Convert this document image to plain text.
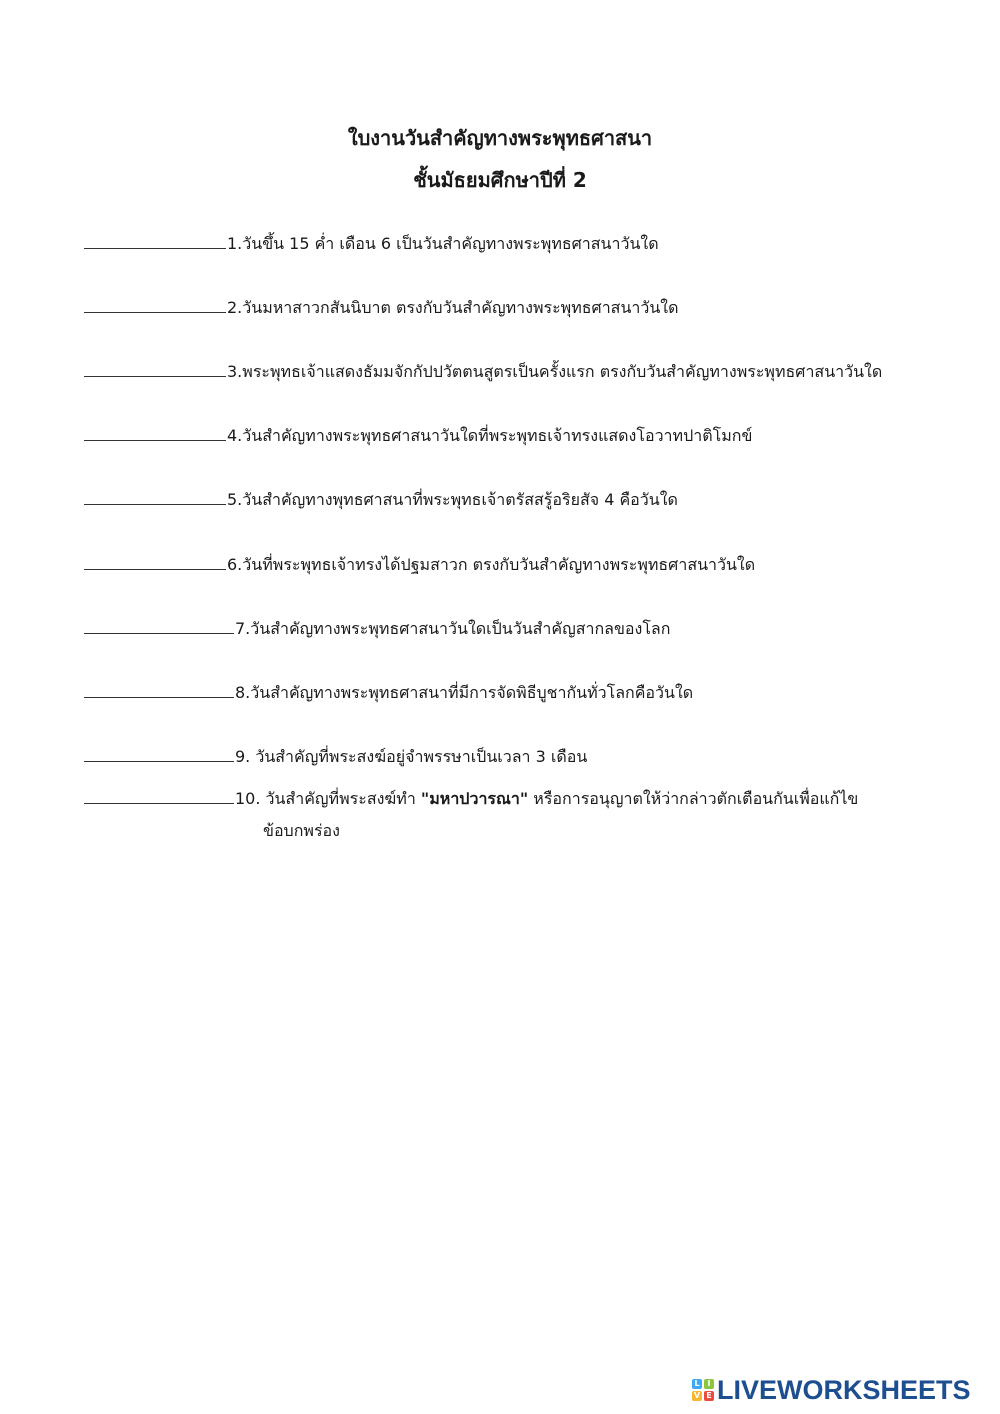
ใบงานวันสำคัญทางพระพุทธศาสนา
ชั้นมัธยมศึกษาปีที่ 2
1.วันขึ้น 15 ค่ำ เดือน 6 เป็นวันสำคัญทางพระพุทธศาสนาวันใด
2.วันมหาสาวกสันนิบาต ตรงกับวันสำคัญทางพระพุทธศาสนาวันใด
3.พระพุทธเจ้าแสดงธัมมจักกัปปวัตตนสูตรเป็นครั้งแรก ตรงกับวันสำคัญทางพระพุทธศาสนาวันใด
4.วันสำคัญทางพระพุทธศาสนาวันใดที่พระพุทธเจ้าทรงแสดงโอวาทปาติโมกข์
5.วันสำคัญทางพุทธศาสนาที่พระพุทธเจ้าตรัสสรู้อริยสัจ 4 คือวันใด
6.วันที่พระพุทธเจ้าทรงได้ปฐมสาวก ตรงกับวันสำคัญทางพระพุทธศาสนาวันใด
7.วันสำคัญทางพระพุทธศาสนาวันใดเป็นวันสำคัญสากลของโลก
8.วันสำคัญทางพระพุทธศาสนาที่มีการจัดพิธีบูชากันทั่วโลกคือวันใด
9. วันสำคัญที่พระสงฆ์อยู่จำพรรษาเป็นเวลา 3 เดือน
10. วันสำคัญที่พระสงฆ์ทำ "มหาปวารณา" หรือการอนุญาตให้ว่ากล่าวตักเตือนกันเพื่อแก้ไข
ข้อบกพร่อง
L I
V E LIVEWORKSHEETS
